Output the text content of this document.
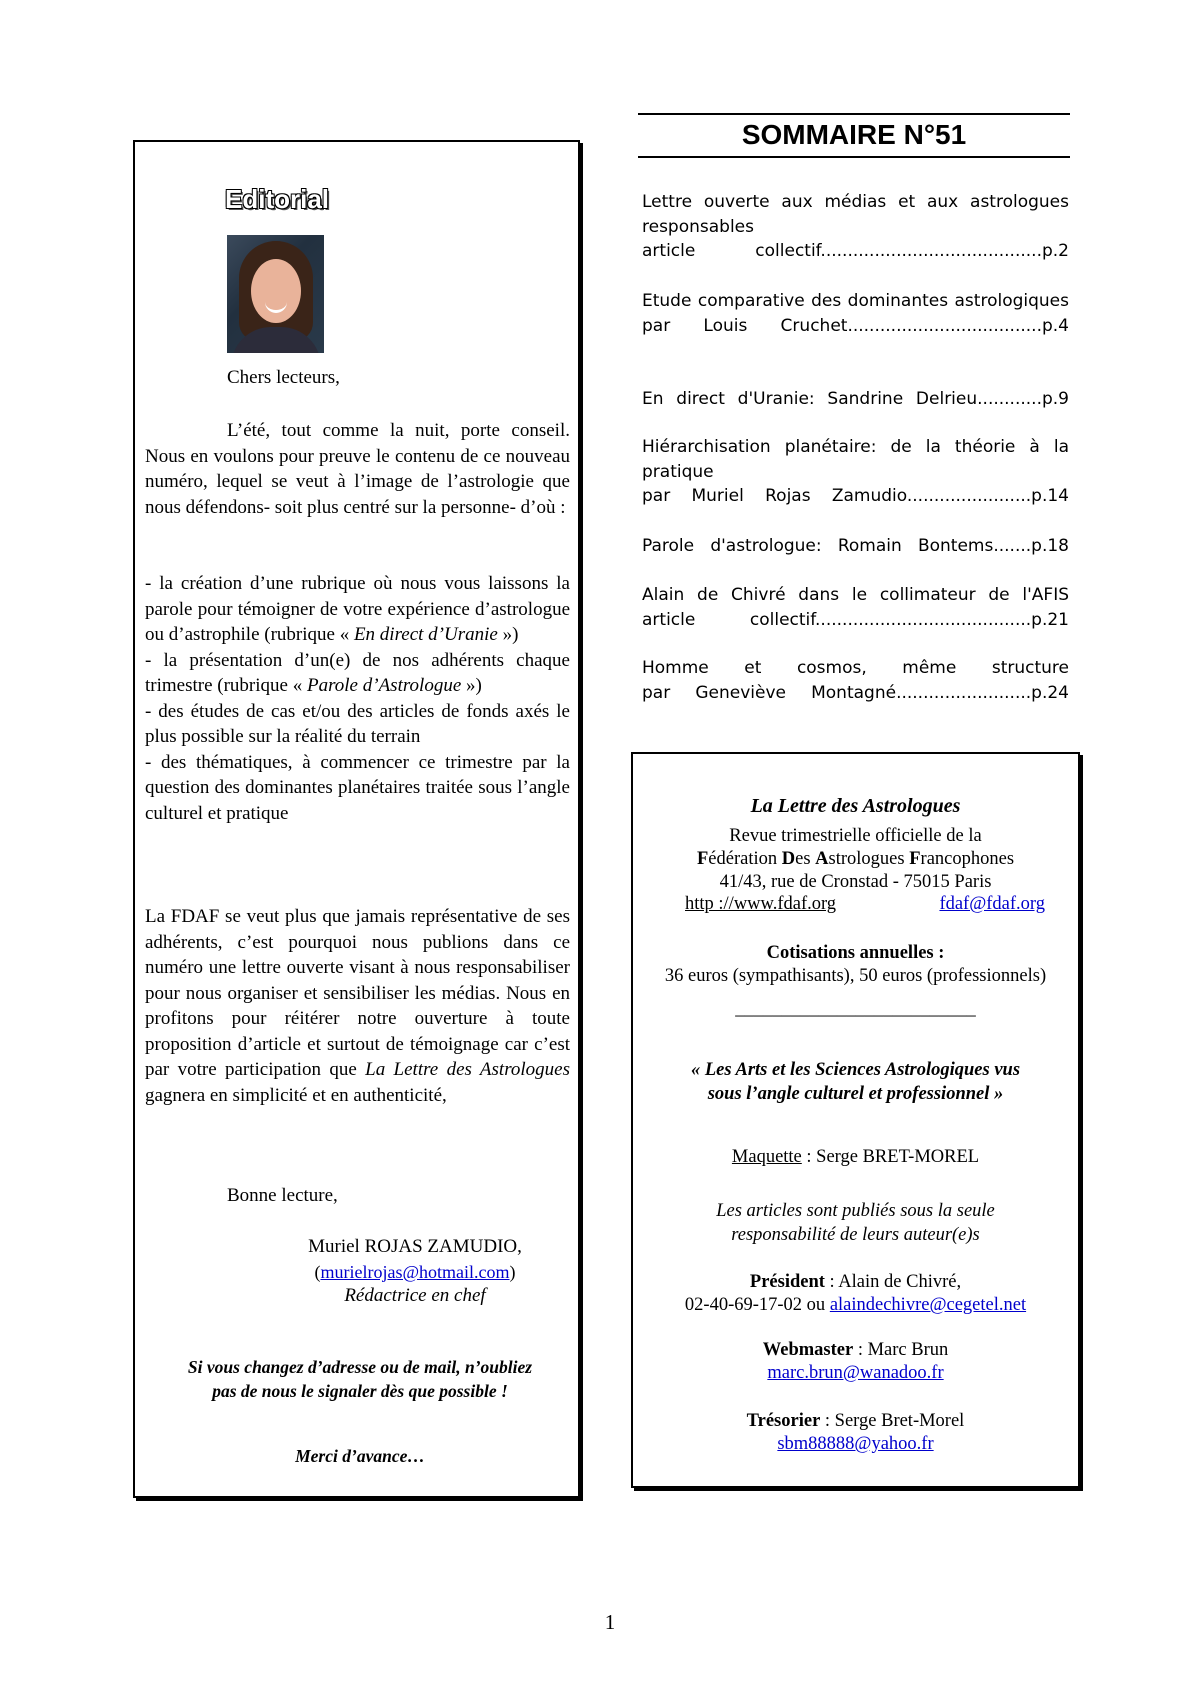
Editorial

Chers lecteurs,

L’été, tout comme la nuit, porte conseil. Nous en voulons pour preuve le contenu de ce nouveau numéro, lequel se veut à l’image de l’astrologie que nous défendons- soit plus centré sur la personne- d’où :

- la création d’une rubrique où nous vous laissons la parole pour témoigner de votre expérience d’astrologue ou d’astrophile (rubrique « En direct d’Uranie »)

- la présentation d’un(e) de nos adhérents chaque trimestre (rubrique « Parole d’Astrologue »)

- des études de cas et/ou des articles de fonds axés le plus possible sur la réalité du terrain

- des thématiques, à commencer ce trimestre par la question des dominantes planétaires traitée sous l’angle culturel et pratique

La FDAF se veut plus que jamais représentative de ses adhérents, c’est pourquoi nous publions dans ce numéro une lettre ouverte visant à nous responsabiliser pour nous organiser et sensibiliser les médias. Nous en profitons pour réitérer notre ouverture à toute proposition d’article et surtout de témoignage car c’est par votre participation que La Lettre des Astrologues gagnera en simplicité et en authenticité,

Bonne lecture,

Muriel ROJAS ZAMUDIO,

(murielrojas@hotmail.com)

Rédactrice en chef

Si vous changez d’adresse ou de mail, n’oubliez pas de nous le signaler dès que possible !

Merci d’avance…

SOMMAIRE N°51
Lettre ouverte aux médias et aux astrologues responsables
article collectif.........................................p.2
Etude comparative des dominantes astrologiques
par Louis Cruchet....................................p.4
En direct d'Uranie: Sandrine Delrieu............p.9
Hiérarchisation planétaire: de la théorie à la pratique
par Muriel Rojas Zamudio.......................p.14
Parole d'astrologue: Romain Bontems.......p.18
Alain de Chivré dans le collimateur de l'AFIS
article collectif........................................p.21
Homme et cosmos, même structure
par Geneviève Montagné.........................p.24

La Lettre des Astrologues

Revue trimestrielle officielle de la

Fédération Des Astrologues Francophones

41/43, rue de Cronstad - 75015 Paris

http ://www.fdaf.org	fdaf@fdaf.org

Cotisations annuelles :

36 euros (sympathisants), 50 euros (professionnels)

__________________________

« Les Arts et les Sciences Astrologiques vus sous l’angle culturel et professionnel »

Maquette : Serge BRET-MOREL

Les articles sont publiés sous la seule responsabilité de leurs auteur(e)s

Président : Alain de Chivré,

02-40-69-17-02 ou alaindechivre@cegetel.net

Webmaster : Marc Brun

marc.brun@wanadoo.fr

Trésorier : Serge Bret-Morel

sbm88888@yahoo.fr

1
